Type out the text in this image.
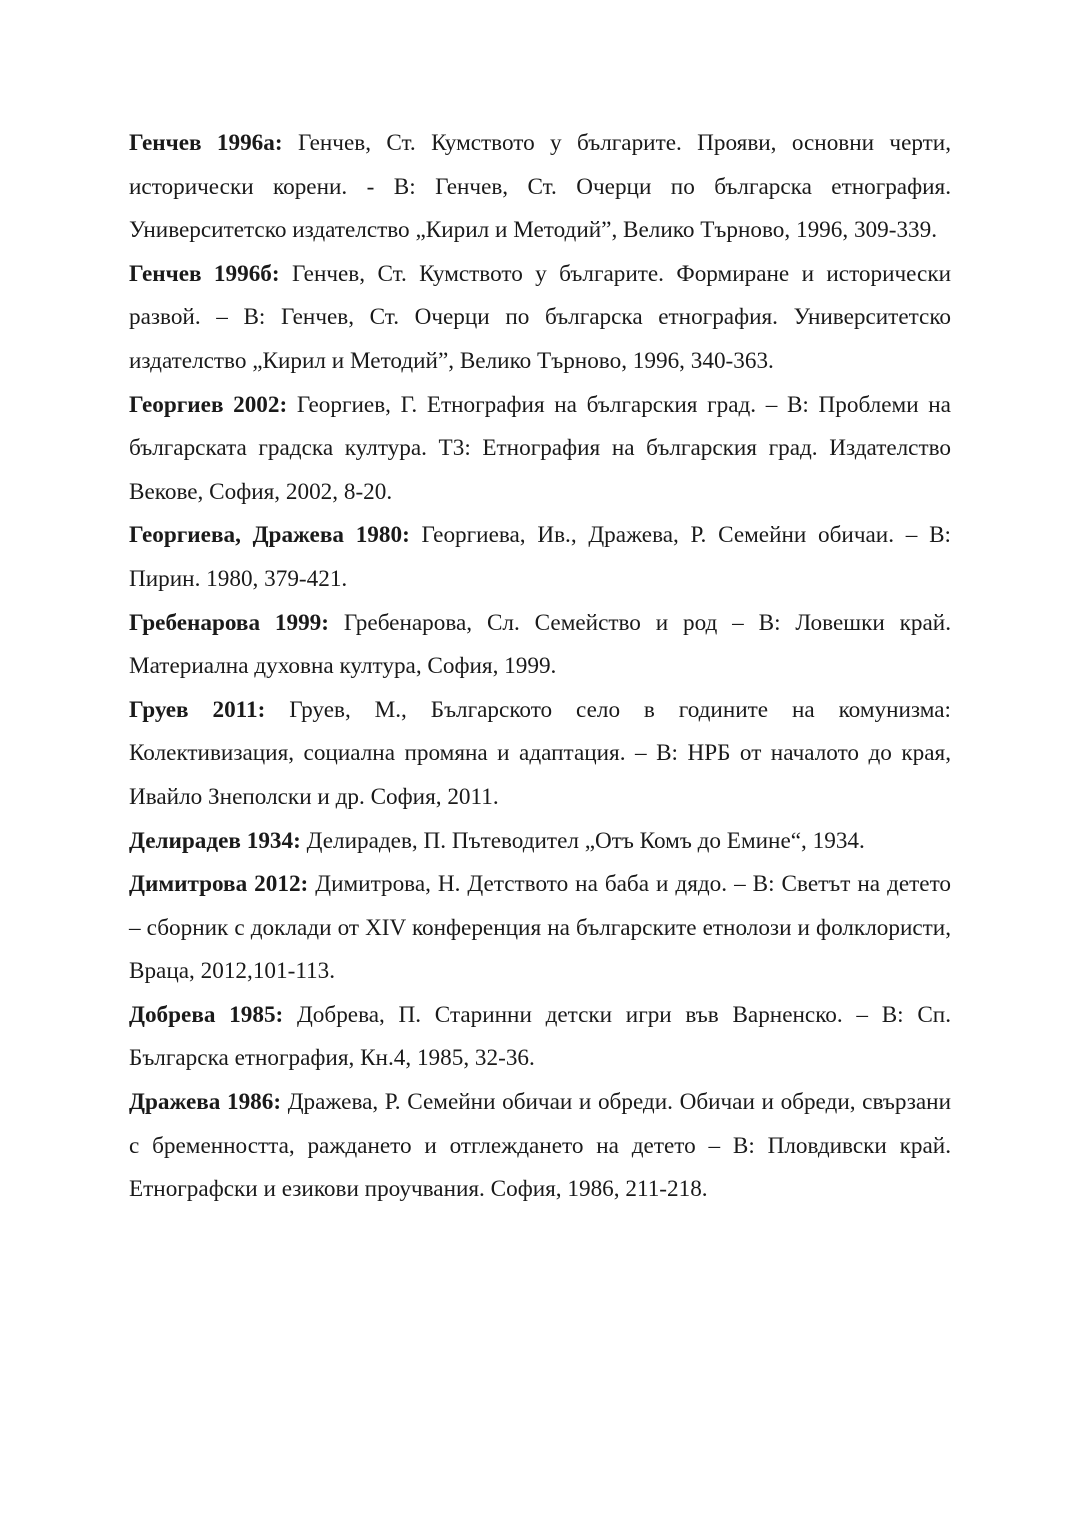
Генчев 1996а: Генчев, Ст. Кумството у българите. Прояви, основни черти, исторически корени. - В: Генчев, Ст. Очерци по българска етнография. Университетско издателство „Кирил и Методий”, Велико Търново, 1996, 309-339.

Генчев 1996б: Генчев, Ст. Кумството у българите. Формиране и исторически развой. – В: Генчев, Ст. Очерци по българска етнография. Университетско издателство „Кирил и Методий”, Велико Търново, 1996, 340-363.

Георгиев 2002: Георгиев, Г. Етнография на българския град. – В: Проблеми на българската градска култура. Т3: Етнография на българския град. Издателство Векове, София, 2002, 8-20.

Георгиева, Дражева 1980: Георгиева, Ив., Дражева, Р. Семейни обичаи. – В: Пирин. 1980, 379-421.

Гребенарова 1999: Гребенарова, Сл. Семейство и род – В: Ловешки край. Материална духовна култура, София, 1999.

Груев 2011: Груев, М., Българското село в годините на комунизма: Колективизация, социална промяна и адаптация. – В: НРБ от началото до края, Ивайло Знеполски и др. София, 2011.

Делирадев 1934: Делирадев, П. Пътеводител „Отъ Комъ до Емине“, 1934.

Димитрова 2012: Димитрова, Н. Детството на баба и дядо. – В: Светът на детето – сборник с доклади от XIV конференция на българските етнолози и фолклористи, Враца, 2012,101-113.

Добрева 1985: Добрева, П. Старинни детски игри във Варненско. – В: Сп. Българска етнография, Кн.4, 1985, 32-36.

Дражева 1986: Дражева, Р. Семейни обичаи и обреди. Обичаи и обреди, свързани с бременността, раждането и отглеждането на детето – В: Пловдивски край. Етнографски и езикови проучвания. София, 1986, 211-218.
